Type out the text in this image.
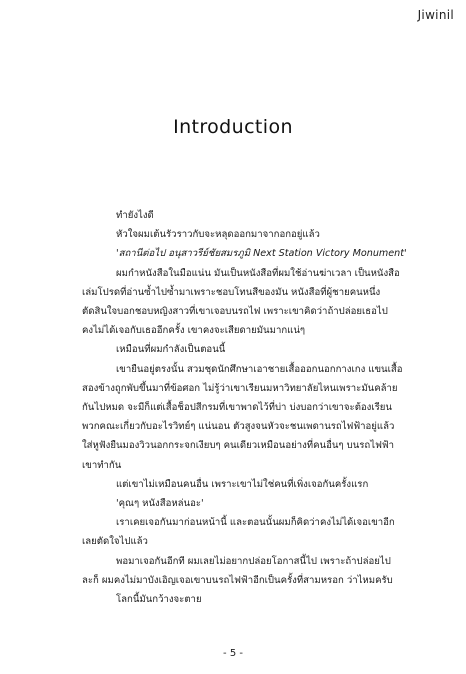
Jiwinil
Introduction

ทำยังไงดี

หัวใจผมเต้นรัวราวกับจะหลุดออกมาจากอกอยู่แล้ว

'สถานีต่อไป อนุสาวรีย์ชัยสมรภูมิ Next Station Victory Monument'

ผมกำหนังสือในมือแน่น มันเป็นหนังสือที่ผมใช้อ่านฆ่าเวลา เป็นหนังสือ

เล่มโปรดที่อ่านซ้ำไปซ้ำมาเพราะชอบโทนสีของมัน หนังสือที่ผู้ชายคนหนึ่ง

ตัดสินใจบอกชอบหญิงสาวที่เขาเจอบนรถไฟ เพราะเขาคิดว่าถ้าปล่อยเธอไป

คงไม่ได้เจอกับเธออีกครั้ง เขาคงจะเสียดายมันมากแน่ๆ

เหมือนที่ผมกำลังเป็นตอนนี้

เขายืนอยู่ตรงนั้น สวมชุดนักศึกษาเอาชายเสื้อออกนอกกางเกง แขนเสื้อ

สองข้างถูกพับขึ้นมาที่ข้อศอก ไม่รู้ว่าเขาเรียนมหาวิทยาลัยไหนเพราะมันคล้าย

กันไปหมด จะมีก็แต่เสื้อช็อปสีกรมที่เขาพาดไว้ที่บ่า บ่งบอกว่าเขาจะต้องเรียน

พวกคณะเกี่ยวกับอะไรวิทย์ๆ แน่นอน ตัวสูงจนหัวจะชนเพดานรถไฟฟ้าอยู่แล้ว

ใส่หูฟังยืนมองวิวนอกกระจกเงียบๆ คนเดียวเหมือนอย่างที่คนอื่นๆ บนรถไฟฟ้า

เขาทำกัน

แต่เขาไม่เหมือนคนอื่น เพราะเขาไม่ใช่คนที่เพิ่งเจอกันครั้งแรก

'คุณๆ หนังสือหล่นอะ'

เราเคยเจอกันมาก่อนหน้านี้ และตอนนั้นผมก็คิดว่าคงไม่ได้เจอเขาอีก

เลยตัดใจไปแล้ว

พอมาเจอกันอีกที ผมเลยไม่อยากปล่อยโอกาสนี้ไป เพราะถ้าปล่อยไป

ละก็ ผมคงไม่มาบังเอิญเจอเขาบนรถไฟฟ้าอีกเป็นครั้งที่สามหรอก ว่าไหมครับ

โลกนี้มันกว้างจะตาย

- 5 -
